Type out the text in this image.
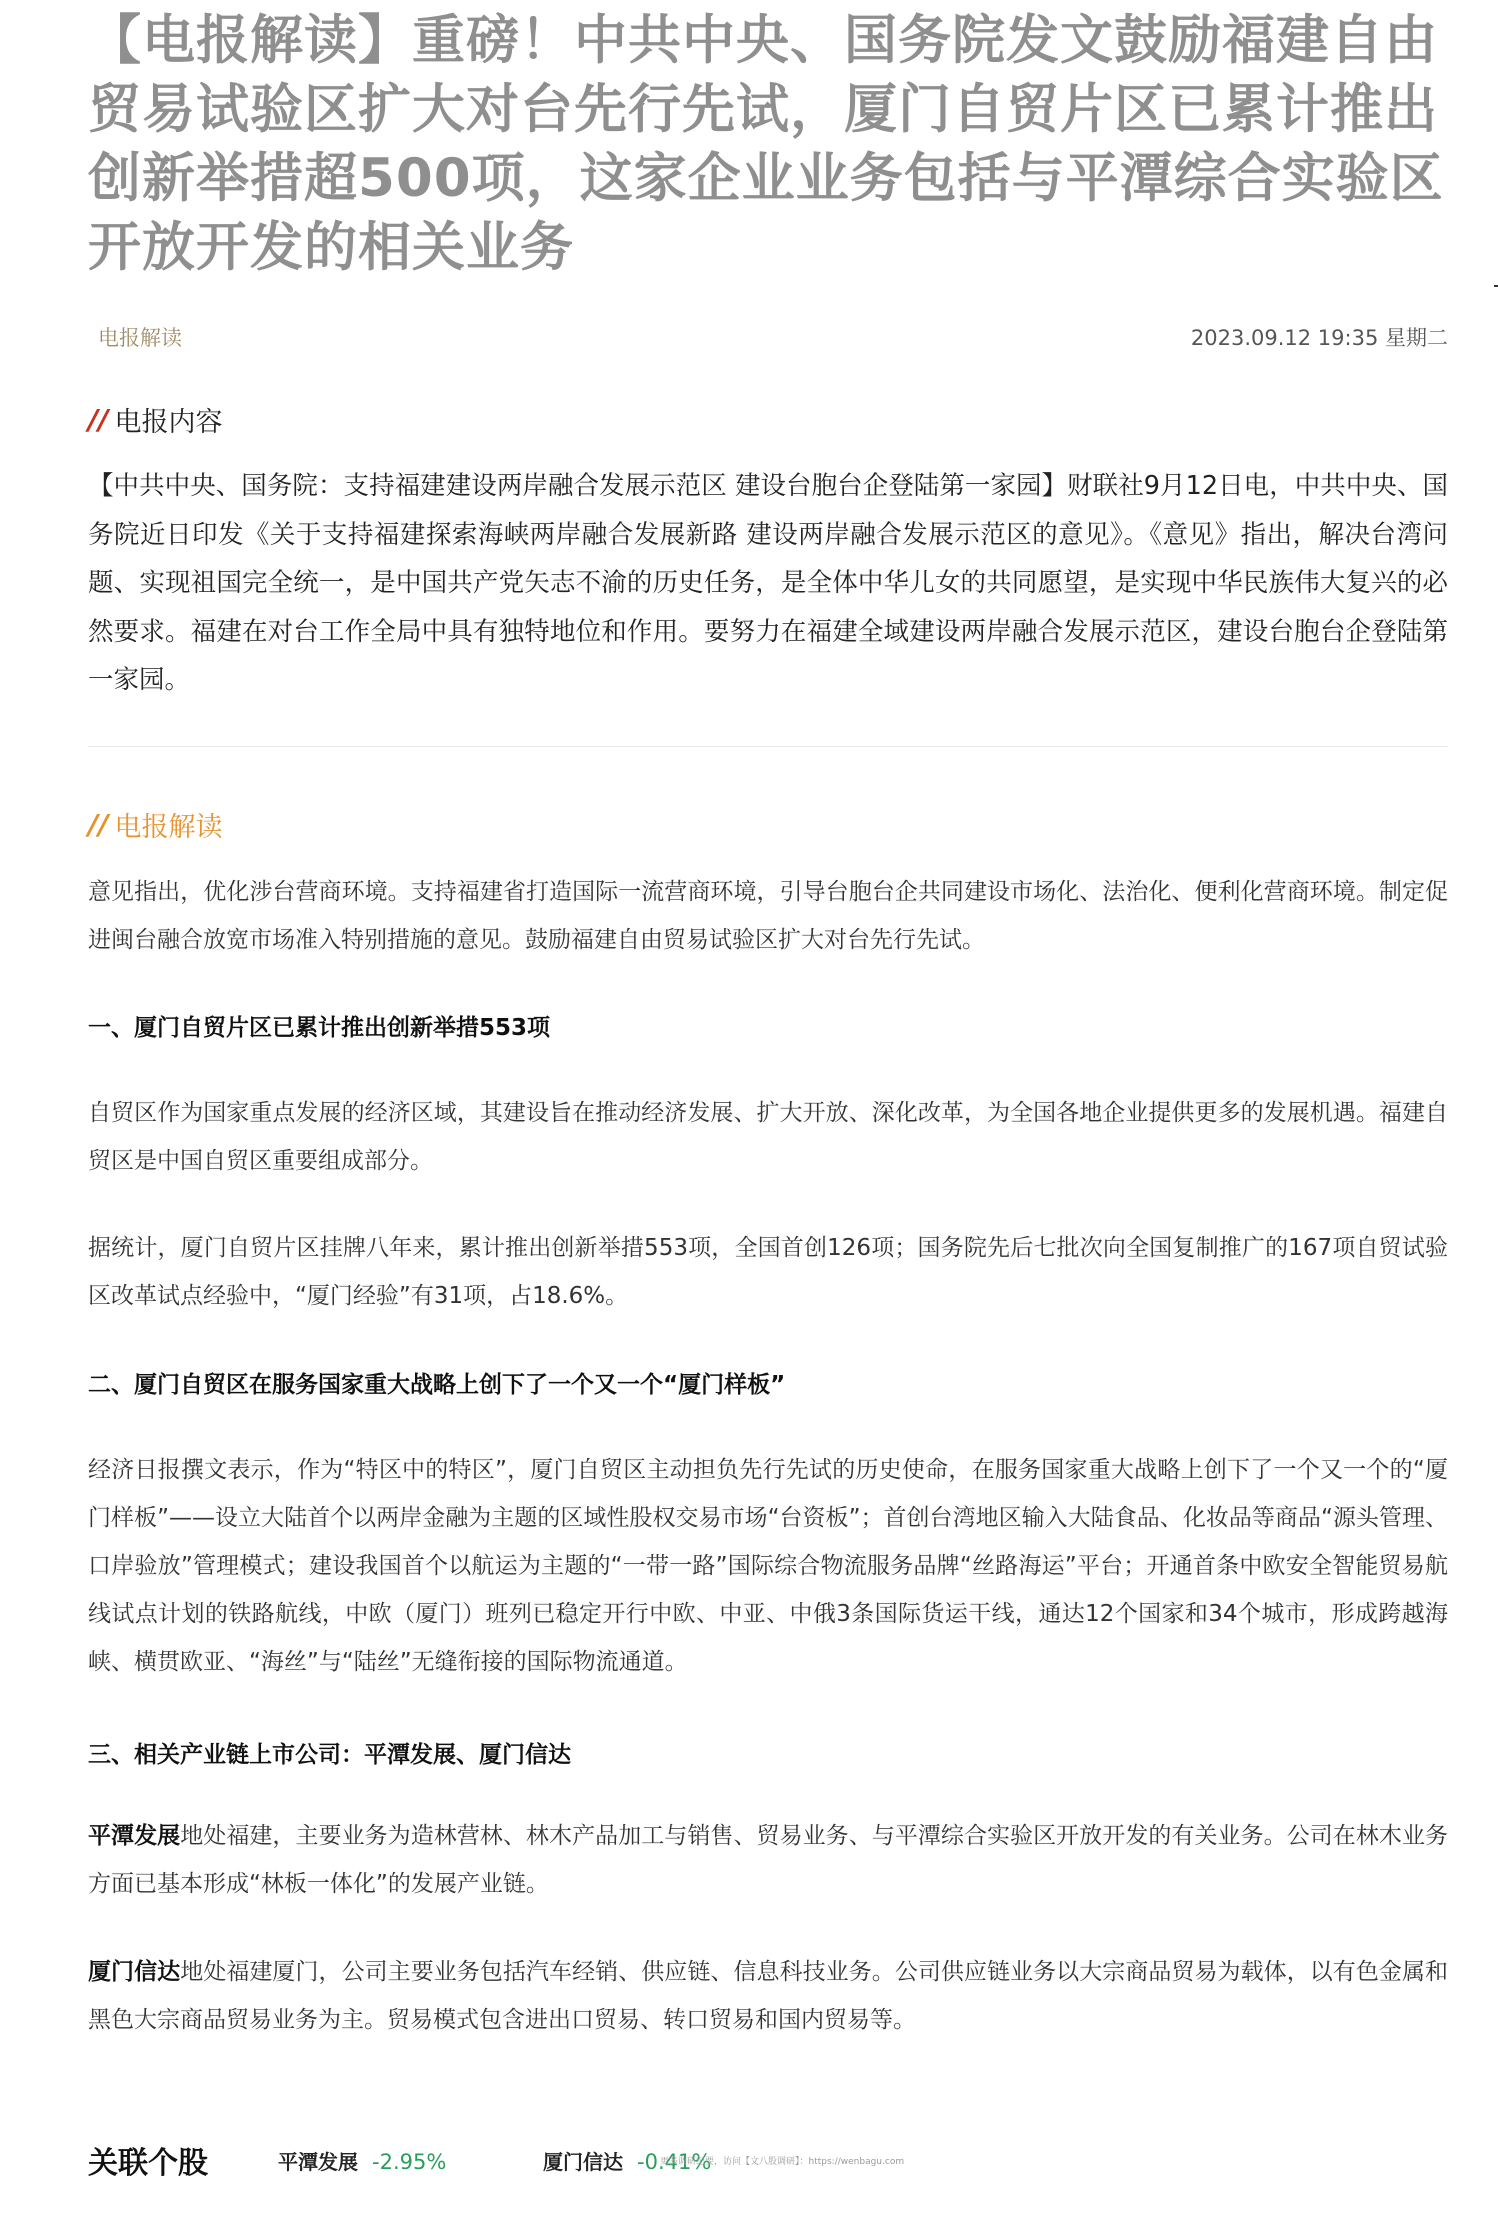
【电报解读】重磅！中共中央、国务院发文鼓励福建自由贸易试验区扩大对台先行先试，厦门自贸片区已累计推出创新举措超500项，这家企业业务包括与平潭综合实验区开放开发的相关业务
电报解读	2023.09.12 19:35 星期二
// 电报内容

【中共中央、国务院：支持福建建设两岸融合发展示范区 建设台胞台企登陆第一家园】财联社9月12日电，中共中央、国务院近日印发《关于支持福建探索海峡两岸融合发展新路 建设两岸融合发展示范区的意见》。《意见》指出，解决台湾问题、实现祖国完全统一，是中国共产党矢志不渝的历史任务，是全体中华儿女的共同愿望，是实现中华民族伟大复兴的必然要求。福建在对台工作全局中具有独特地位和作用。要努力在福建全域建设两岸融合发展示范区，建设台胞台企登陆第一家园。

// 电报解读

意见指出，优化涉台营商环境。支持福建省打造国际一流营商环境，引导台胞台企共同建设市场化、法治化、便利化营商环境。制定促进闽台融合放宽市场准入特别措施的意见。鼓励福建自由贸易试验区扩大对台先行先试。

一、厦门自贸片区已累计推出创新举措553项

自贸区作为国家重点发展的经济区域，其建设旨在推动经济发展、扩大开放、深化改革，为全国各地企业提供更多的发展机遇。福建自贸区是中国自贸区重要组成部分。

据统计，厦门自贸片区挂牌八年来，累计推出创新举措553项，全国首创126项；国务院先后七批次向全国复制推广的167项自贸试验区改革试点经验中，“厦门经验”有31项，占18.6%。

二、厦门自贸区在服务国家重大战略上创下了一个又一个“厦门样板”

经济日报撰文表示，作为“特区中的特区”，厦门自贸区主动担负先行先试的历史使命，在服务国家重大战略上创下了一个又一个的“厦门样板”——设立大陆首个以两岸金融为主题的区域性股权交易市场“台资板”；首创台湾地区输入大陆食品、化妆品等商品“源头管理、口岸验放”管理模式；建设我国首个以航运为主题的“一带一路”国际综合物流服务品牌“丝路海运”平台；开通首条中欧安全智能贸易航线试点计划的铁路航线，中欧（厦门）班列已稳定开行中欧、中亚、中俄3条国际货运干线，通达12个国家和34个城市，形成跨越海峡、横贯欧亚、“海丝”与“陆丝”无缝衔接的国际物流通道。

三、相关产业链上市公司：平潭发展、厦门信达

平潭发展地处福建，主要业务为造林营林、林木产品加工与销售、贸易业务、与平潭综合实验区开放开发的有关业务。公司在林木业务方面已基本形成“林板一体化”的发展产业链。

厦门信达地处福建厦门，公司主要业务包括汽车经销、供应链、信息科技业务。公司供应链业务以大宗商品贸易为载体，以有色金属和黑色大宗商品贸易业务为主。贸易模式包含进出口贸易、转口贸易和国内贸易等。

关联个股	平潭发展 -2.95%	厦门信达 -0.41%
更多调研纪要，访问【文八股调研】：https://wenbagu.com
